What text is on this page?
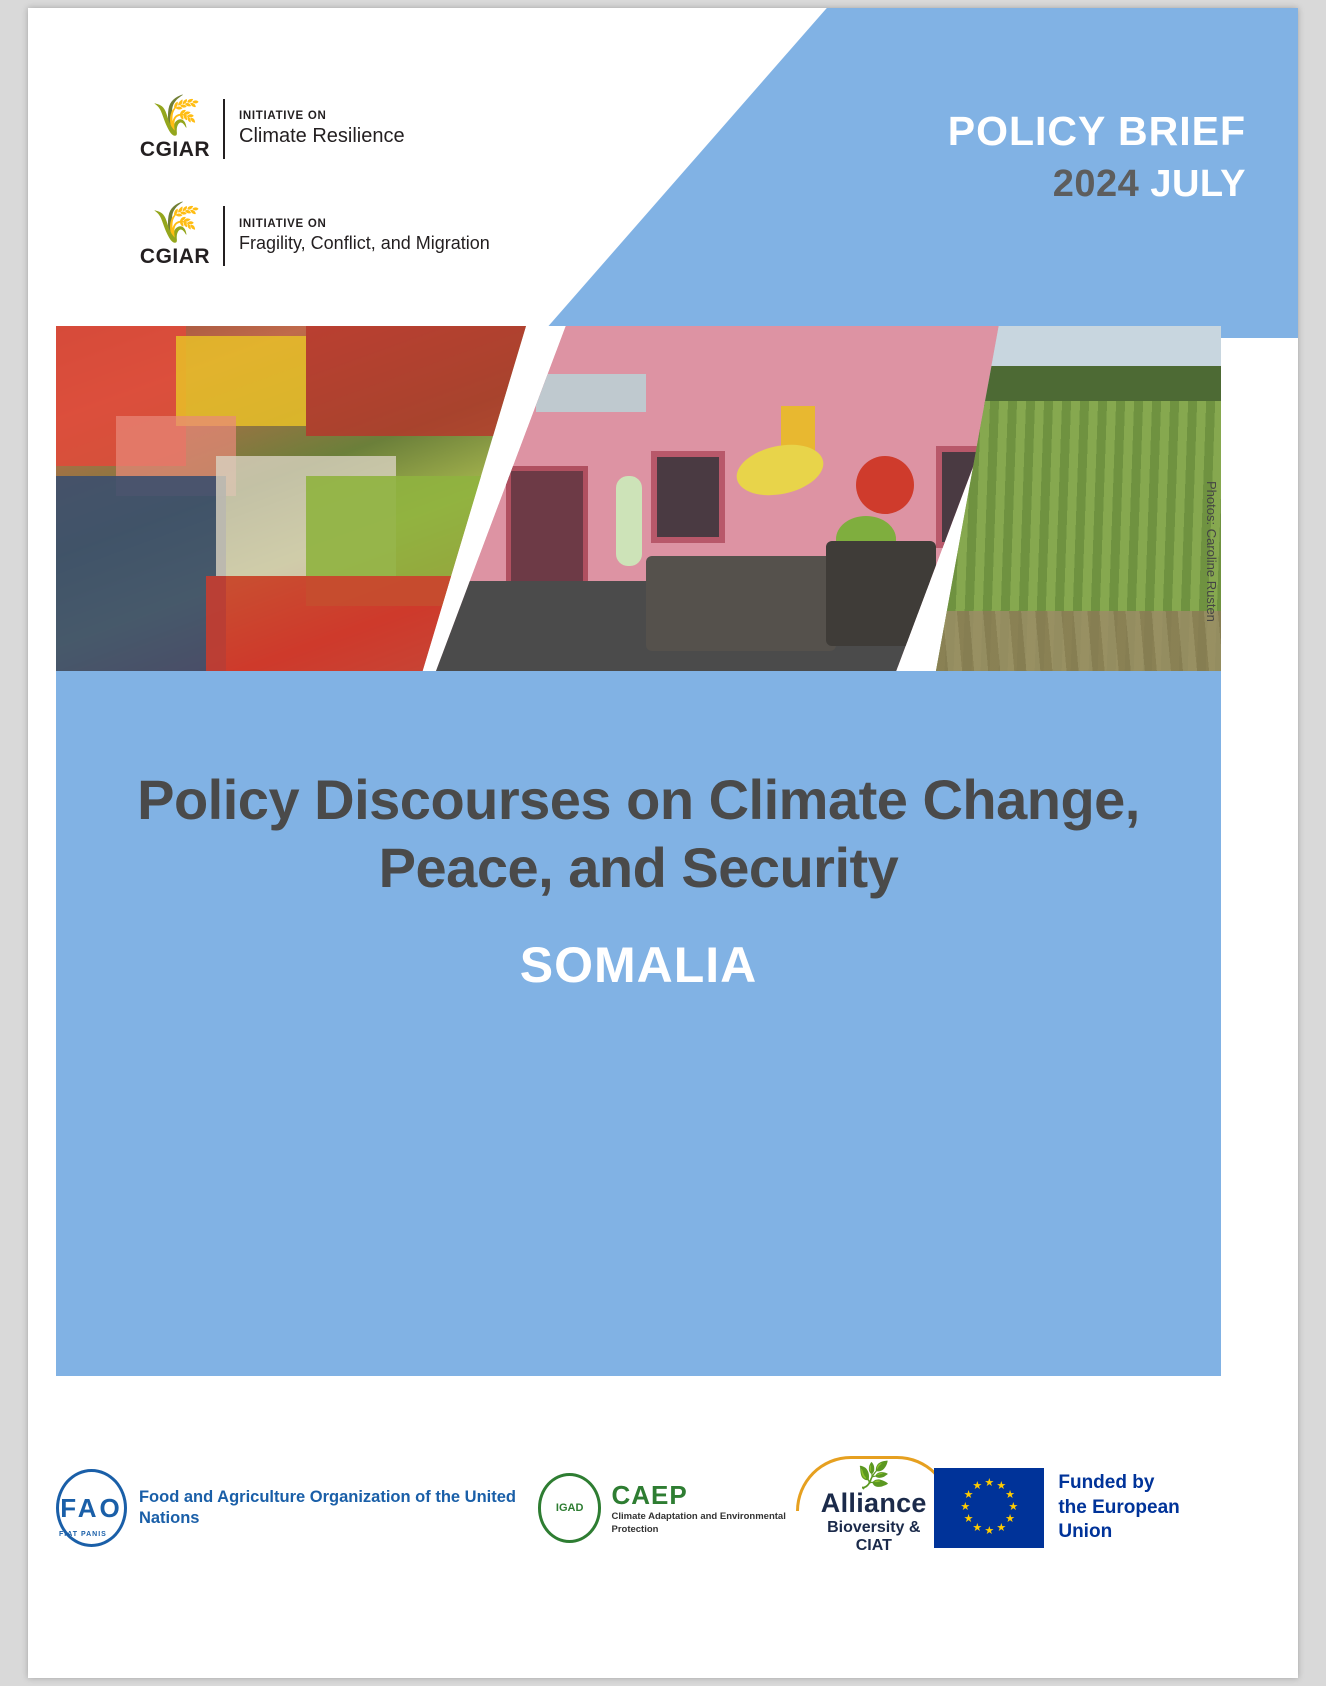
🌾
CGIAR
INITIATIVE ON
Climate Resilience
🌾
CGIAR
INITIATIVE ON
Fragility, Conflict, and Migration
POLICY BRIEF
2024 JULY
Photos: Caroline Rusten
Policy Discourses on Climate Change, Peace, and Security
SOMALIA
FAO FIAT PANIS Food and Agriculture Organization of the United Nations
IGAD	CAEP
Climate Adaptation and Environmental Protection
🌿
Alliance
Bioversity & CIAT
★ ★
★
★
★
★
★
★
★
★
★
★	Funded by
the European Union
